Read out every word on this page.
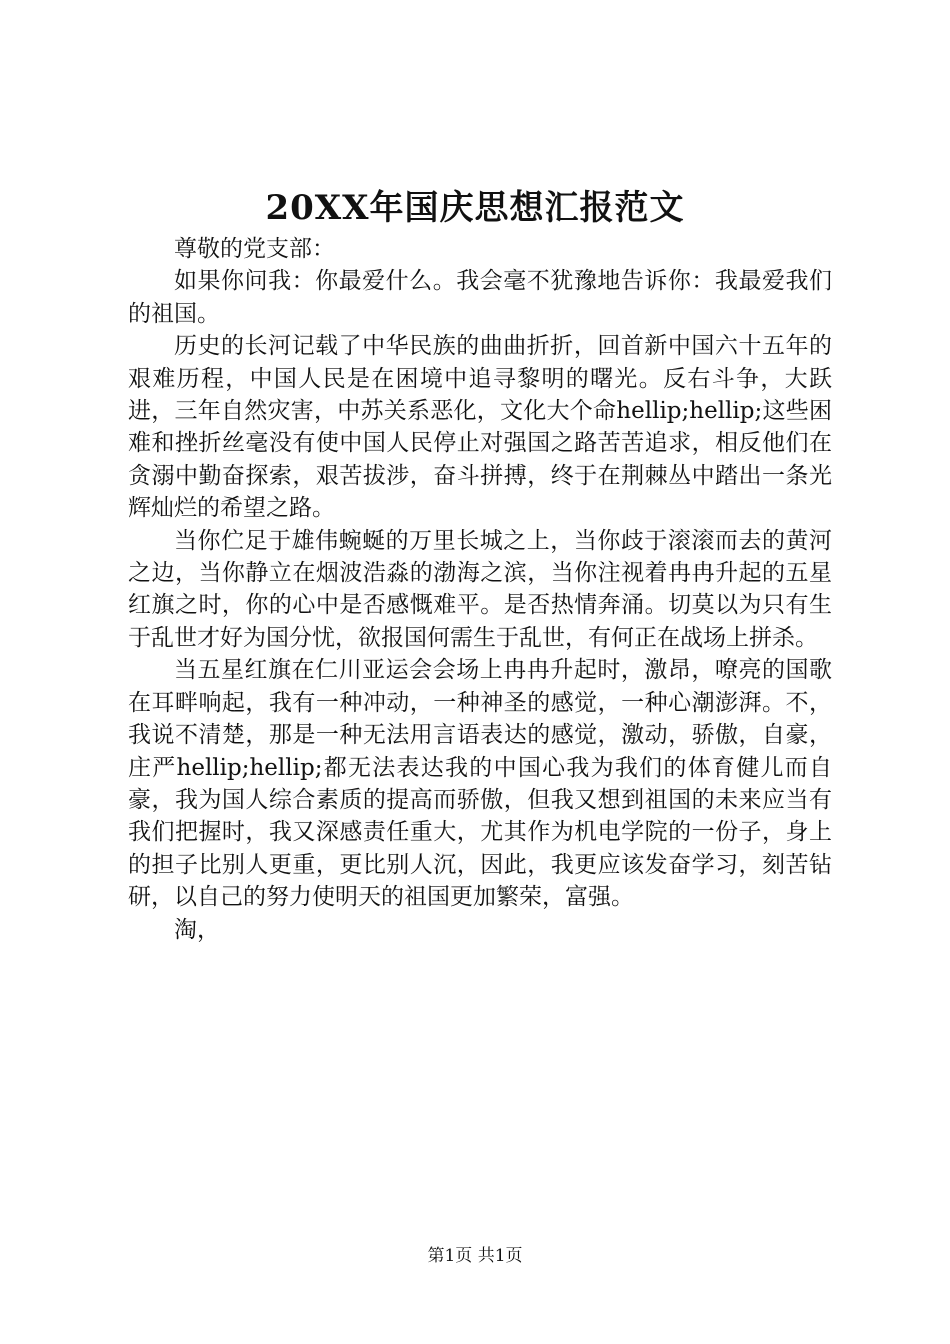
20XX年国庆思想汇报范文

尊敬的党支部：

如果你问我：你最爱什么。我会毫不犹豫地告诉你：我最爱我们的祖国。

历史的长河记载了中华民族的曲曲折折，回首新中国六十五年的艰难历程，中国人民是在困境中追寻黎明的曙光。反右斗争，大跃进，三年自然灾害，中苏关系恶化，文化大个命hellip;hellip;这些困难和挫折丝毫没有使中国人民停止对强国之路苦苦追求，相反他们在贪溺中勤奋探索，艰苦拔涉，奋斗拼搏，终于在荆棘丛中踏出一条光辉灿烂的希望之路。

当你伫足于雄伟蜿蜒的万里长城之上，当你歧于滚滚而去的黄河之边，当你静立在烟波浩淼的渤海之滨，当你注视着冉冉升起的五星红旗之时，你的心中是否感慨难平。是否热情奔涌。切莫以为只有生于乱世才好为国分忧，欲报国何需生于乱世，有何正在战场上拼杀。

当五星红旗在仁川亚运会会场上冉冉升起时，激昂，嘹亮的国歌在耳畔响起，我有一种冲动，一种神圣的感觉，一种心潮澎湃。不，我说不清楚，那是一种无法用言语表达的感觉，激动，骄傲，自豪，庄严hellip;hellip;都无法表达我的中国心我为我们的体育健儿而自豪，我为国人综合素质的提高而骄傲，但我又想到祖国的未来应当有我们把握时，我又深感责任重大，尤其作为机电学院的一份子，身上的担子比别人更重，更比别人沉，因此，我更应该发奋学习，刻苦钻研，以自己的努力使明天的祖国更加繁荣，富强。

淘，

第1页 共1页
